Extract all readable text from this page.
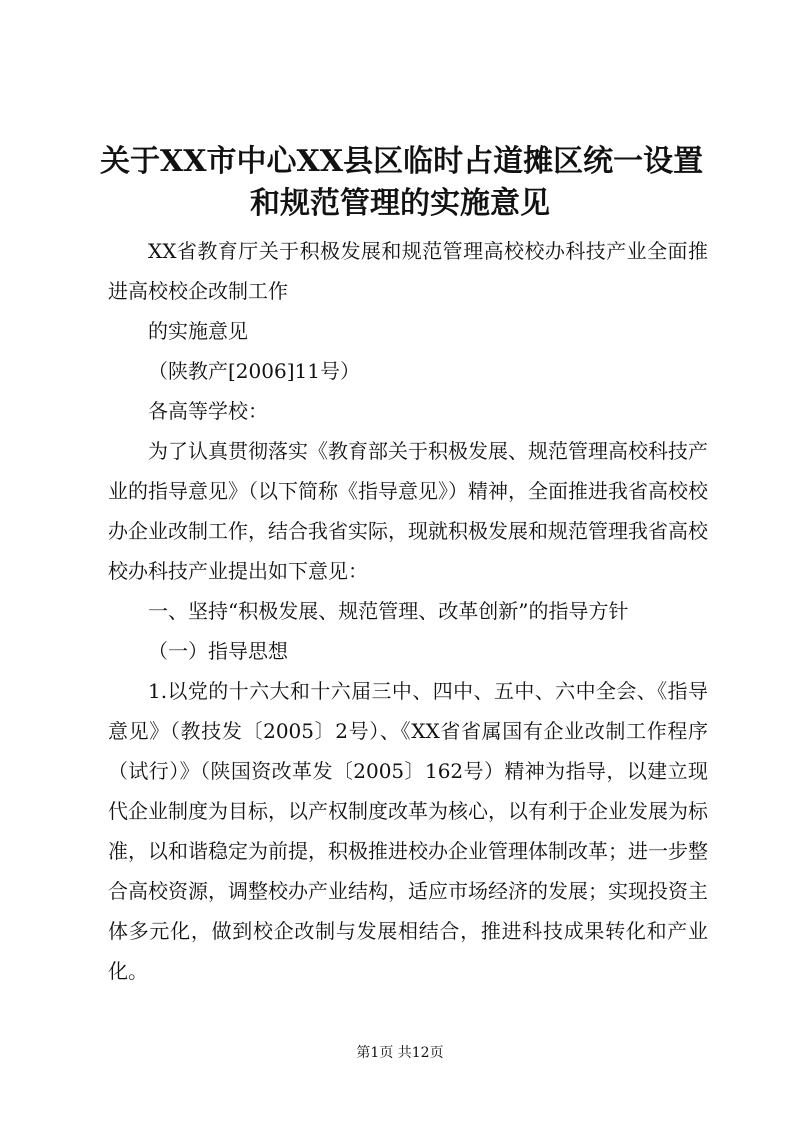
关于XX市中心XX县区临时占道摊区统一设置
和规范管理的实施意见

XX省教育厅关于积极发展和规范管理高校校办科技产业全面推进高校校企改制工作

的实施意见

（陕教产[2006]11号）

各高等学校：

为了认真贯彻落实《教育部关于积极发展、规范管理高校科技产业的指导意见》（以下简称《指导意见》）精神，全面推进我省高校校办企业改制工作，结合我省实际，现就积极发展和规范管理我省高校校办科技产业提出如下意见：

一、坚持“积极发展、规范管理、改革创新”的指导方针

（一）指导思想

1.以党的十六大和十六届三中、四中、五中、六中全会、《指导意见》（教技发〔2005〕2号）、《XX省省属国有企业改制工作程序（试行）》（陕国资改革发〔2005〕162号）精神为指导，以建立现代企业制度为目标，以产权制度改革为核心，以有利于企业发展为标准，以和谐稳定为前提，积极推进校办企业管理体制改革；进一步整合高校资源，调整校办产业结构，适应市场经济的发展；实现投资主体多元化，做到校企改制与发展相结合，推进科技成果转化和产业化。

第1页 共12页
